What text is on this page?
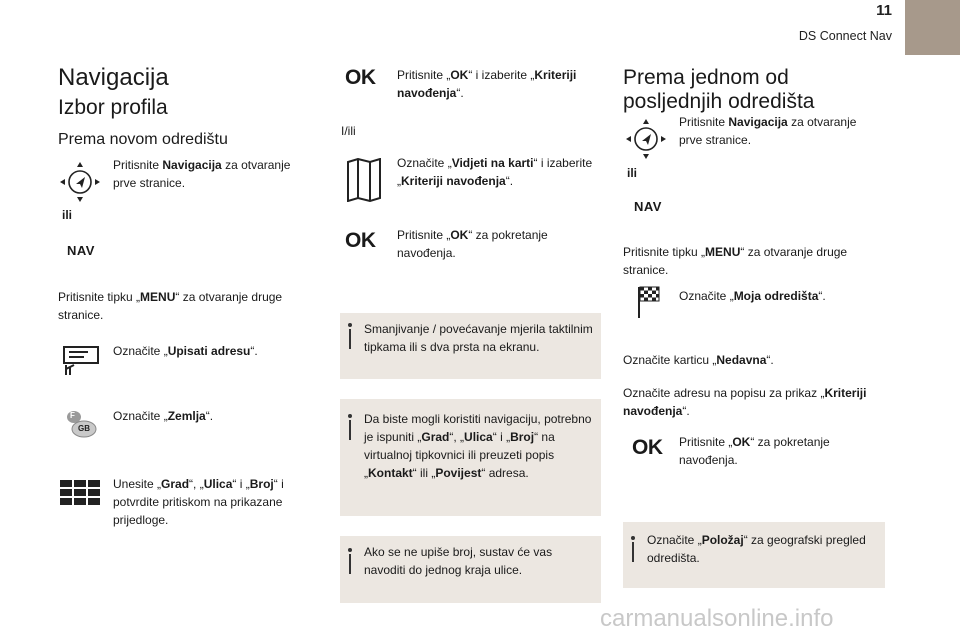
11
DS Connect Nav
Navigacija
Izbor profila
Prema novom odredištu
Pritisnite Navigacija za otvaranje prve stranice.
ili
NAV
Pritisnite tipku „MENU“ za otvaranje druge stranice.
Označite „Upisati adresu“.
F
GB
Označite „Zemlja“.
Unesite „Grad“, „Ulica“ i „Broj“ i potvrdite pritiskom na prikazane prijedloge.
OK Pritisnite „OK“ i izaberite „Kriteriji navođenja“.
I/ili
Označite „Vidjeti na karti“ i izaberite „Kriteriji navođenja“.
OK Pritisnite „OK“ za pokretanje navođenja.
Smanjivanje / povećavanje mjerila taktilnim tipkama ili s dva prsta na ekranu.
Da biste mogli koristiti navigaciju, potrebno je ispuniti „Grad“, „Ulica“ i „Broj“ na virtualnoj tipkovnici ili preuzeti popis „Kontakt“ ili „Povijest“ adresa.
Ako se ne upiše broj, sustav će vas navoditi do jednog kraja ulice.
Prema jednom od posljednjih odredišta
Pritisnite Navigacija za otvaranje prve stranice.
ili
NAV
Pritisnite tipku „MENU“ za otvaranje druge stranice.
Označite „Moja odredišta“.
Označite karticu „Nedavna“.
Označite adresu na popisu za prikaz „Kriteriji navođenja“.
OK Pritisnite „OK“ za pokretanje navođenja.
Označite „Položaj“ za geografski pregled odredišta.
carmanualsonline.info
